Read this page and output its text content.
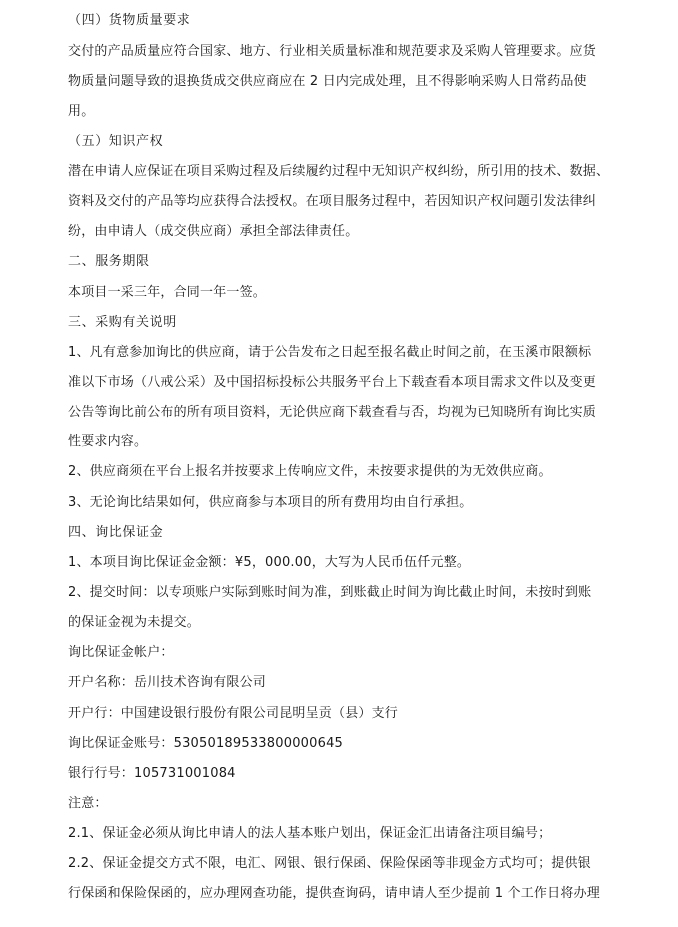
（四）货物质量要求
交付的产品质量应符合国家、地方、行业相关质量标准和规范要求及采购人管理要求。应货
物质量问题导致的退换货成交供应商应在 2 日内完成处理，且不得影响采购人日常药品使
用。
（五）知识产权
潜在申请人应保证在项目采购过程及后续履约过程中无知识产权纠纷，所引用的技术、数据、
资料及交付的产品等均应获得合法授权。在项目服务过程中，若因知识产权问题引发法律纠
纷，由申请人（成交供应商）承担全部法律责任。
二、服务期限
本项目一采三年，合同一年一签。
三、采购有关说明
1、凡有意参加询比的供应商，请于公告发布之日起至报名截止时间之前，在玉溪市限额标
准以下市场（八戒公采）及中国招标投标公共服务平台上下载查看本项目需求文件以及变更
公告等询比前公布的所有项目资料，无论供应商下载查看与否，均视为已知晓所有询比实质
性要求内容。
2、供应商须在平台上报名并按要求上传响应文件，未按要求提供的为无效供应商。
3、无论询比结果如何，供应商参与本项目的所有费用均由自行承担。
四、询比保证金
1、本项目询比保证金金额：¥5，000.00，大写为人民币伍仟元整。
2、提交时间：以专项账户实际到账时间为准，到账截止时间为询比截止时间，未按时到账
的保证金视为未提交。
询比保证金帐户：
开户名称：岳川技术咨询有限公司
开户行：中国建设银行股份有限公司昆明呈贡（县）支行
询比保证金账号：53050189533800000645
银行行号：105731001084
注意：
2.1、保证金必须从询比申请人的法人基本账户划出，保证金汇出请备注项目编号；
2.2、保证金提交方式不限，电汇、网银、银行保函、保险保函等非现金方式均可；提供银
行保函和保险保函的，应办理网查功能，提供查询码，请申请人至少提前 1 个工作日将办理
